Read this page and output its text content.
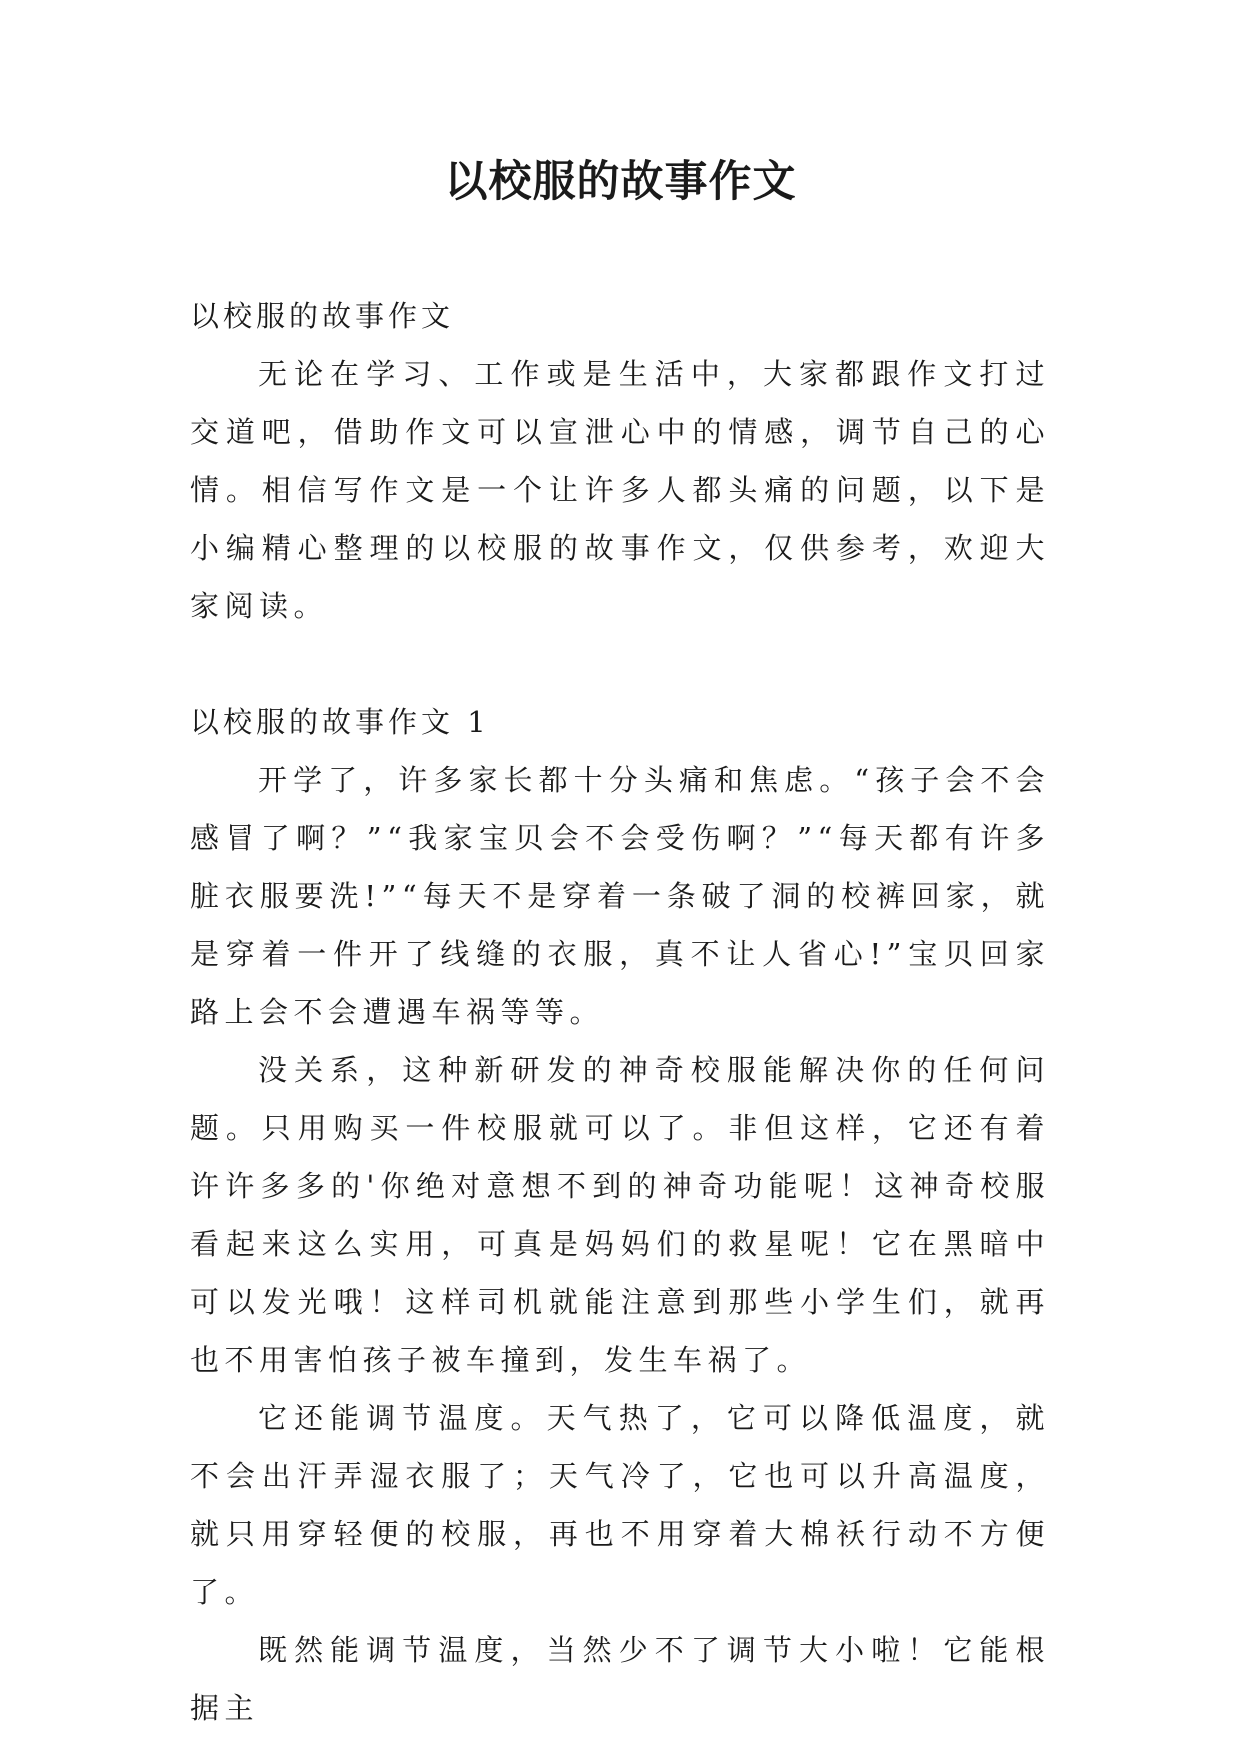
以校服的故事作文

以校服的故事作文

无论在学习、工作或是生活中，大家都跟作文打过交道吧，借助作文可以宣泄心中的情感，调节自己的心情。相信写作文是一个让许多人都头痛的问题，以下是小编精心整理的以校服的故事作文，仅供参考，欢迎大家阅读。

以校服的故事作文 1

开学了，许多家长都十分头痛和焦虑。“孩子会不会感冒了啊？”“我家宝贝会不会受伤啊？”“每天都有许多脏衣服要洗!”“每天不是穿着一条破了洞的校裤回家，就是穿着一件开了线缝的衣服，真不让人省心!”宝贝回家路上会不会遭遇车祸等等。

没关系，这种新研发的神奇校服能解决你的任何问题。只用购买一件校服就可以了。非但这样，它还有着许许多多的'你绝对意想不到的神奇功能呢！这神奇校服看起来这么实用，可真是妈妈们的救星呢！它在黑暗中可以发光哦！这样司机就能注意到那些小学生们，就再也不用害怕孩子被车撞到，发生车祸了。

它还能调节温度。天气热了，它可以降低温度，就不会出汗弄湿衣服了；天气冷了，它也可以升高温度，就只用穿轻便的校服，再也不用穿着大棉袄行动不方便了。

既然能调节温度，当然少不了调节大小啦！它能根据主
